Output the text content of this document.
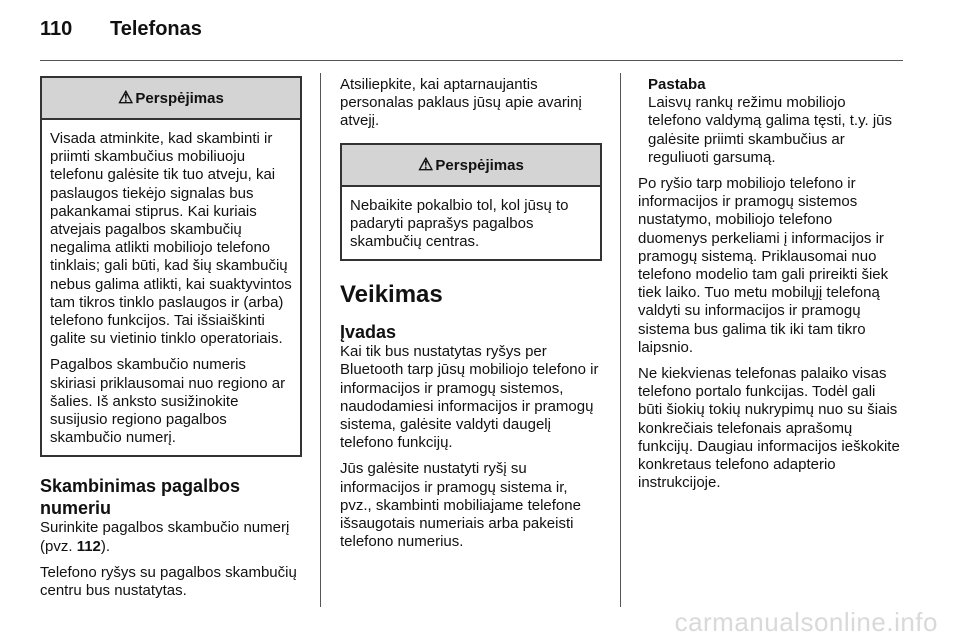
110 Telefonas
⚠ Perspėjimas

Visada atminkite, kad skambinti ir priimti skambučius mobiliuoju telefonu galėsite tik tuo atveju, kai paslaugos tiekėjo signalas bus pakankamai stiprus. Kai kuriais atvejais pagalbos skambučių negalima atlikti mobiliojo telefono tinklais; gali būti, kad šių skambučių nebus galima atlikti, kai suaktyvintos tam tikros tinklo paslaugos ir (arba) telefono funkcijos. Tai išsiaiškinti galite su vietinio tinklo operatoriais.

Pagalbos skambučio numeris skiriasi priklausomai nuo regiono ar šalies. Iš anksto susižinokite susijusio regiono pagalbos skambučio numerį.

Skambinimas pagalbos numeriu

Surinkite pagalbos skambučio numerį (pvz. 112).

Telefono ryšys su pagalbos skambučių centru bus nustatytas.

Atsiliepkite, kai aptarnaujantis personalas paklaus jūsų apie avarinį atvejį.

⚠ Perspėjimas

Nebaikite pokalbio tol, kol jūsų to padaryti paprašys pagalbos skambučių centras.

Veikimas
Įvadas

Kai tik bus nustatytas ryšys per Bluetooth tarp jūsų mobiliojo telefono ir informacijos ir pramogų sistemos, naudodamiesi informacijos ir pramogų sistema, galėsite valdyti daugelį telefono funkcijų.

Jūs galėsite nustatyti ryšį su informacijos ir pramogų sistema ir, pvz., skambinti mobiliajame telefone išsaugotais numeriais arba pakeisti telefono numerius.

Pastaba
Laisvų rankų režimu mobiliojo telefono valdymą galima tęsti, t.y. jūs galėsite priimti skambučius ar reguliuoti garsumą.

Po ryšio tarp mobiliojo telefono ir informacijos ir pramogų sistemos nustatymo, mobiliojo telefono duomenys perkeliami į informacijos ir pramogų sistemą. Priklausomai nuo telefono modelio tam gali prireikti šiek tiek laiko. Tuo metu mobilųjį telefoną valdyti su informacijos ir pramogų sistema bus galima tik iki tam tikro laipsnio.

Ne kiekvienas telefonas palaiko visas telefono portalo funkcijas. Todėl gali būti šiokių tokių nukrypimų nuo su šiais konkrečiais telefonais aprašomų funkcijų. Daugiau informacijos ieškokite konkretaus telefono adapterio instrukcijoje.

carmanualsonline.info
